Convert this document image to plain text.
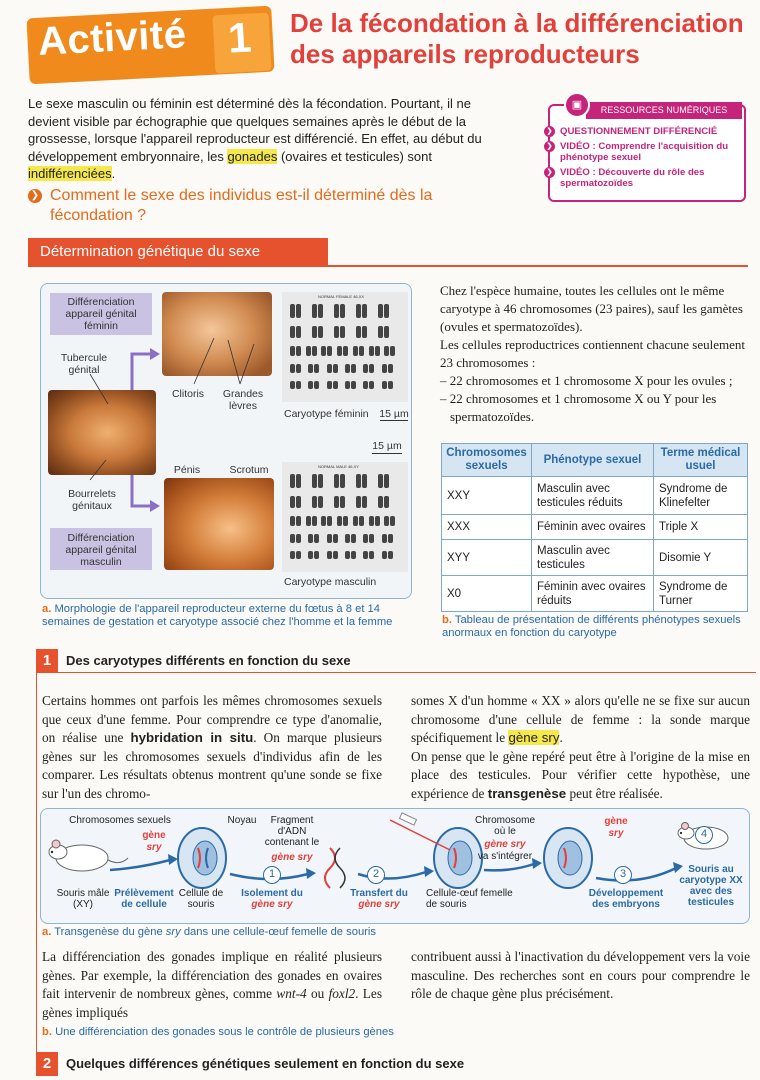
Activité 1 De la fécondation à la différenciation
des appareils reproducteurs
Le sexe masculin ou féminin est déterminé dès la fécondation. Pourtant, il ne devient visible par échographie que quelques semaines après le début de la grossesse, lorsque l'appareil reproducteur est différencié. En effet, au début du développement embryonnaire, les gonades (ovaires et testicules) sont indifférenciées.
❯ Comment le sexe des individus est-il déterminé dès la fécondation ?
RESSOURCES NUMÉRIQUES
▣
❯ QUESTIONNEMENT DIFFÉRENCIÉ
❯ VIDÉO : Comprendre l'acquisition du phénotype sexuel
❯ VIDÉO : Découverte du rôle des spermatozoïdes
Détermination génétique du sexe
Différenciation appareil génital féminin
Différenciation appareil génital masculin
Tubercule génital
Bourrelets génitaux
Clitoris	Grandes lèvres
Pénis	Scrotum
NORMAL FEMALE 46,XX
Caryotype féminin	15 µm
15 µm
NORMAL MALE 46,XY
Caryotype masculin
a. Morphologie de l'appareil reproducteur externe du fœtus à 8 et 14 semaines de gestation et caryotype associé chez l'homme et la femme
Chez l'espèce humaine, toutes les cellules ont le même caryotype à 46 chromosomes (23 paires), sauf les gamètes (ovules et spermatozoïdes).
Les cellules reproductrices contiennent chacune seulement 23 chromosomes :
– 22 chromosomes et 1 chromosome X pour les ovules ;
– 22 chromosomes et 1 chromosome X ou Y pour les spermatozoïdes.
Chromosomes sexuels	Phénotype sexuel	Terme médical usuel
XXY	Masculin avec testicules réduits	Syndrome de Klinefelter
XXX	Féminin avec ovaires	Triple X
XYY	Masculin avec testicules	Disomie Y
X0	Féminin avec ovaires réduits	Syndrome de Turner
b. Tableau de présentation de différents phénotypes sexuels anormaux en fonction du caryotype
1	Des caryotypes différents en fonction du sexe
Certains hommes ont parfois les mêmes chromosomes sexuels que ceux d'une femme. Pour comprendre ce type d'anomalie, on réalise une hybridation in situ. On marque plusieurs gènes sur les chromosomes sexuels d'individus afin de les comparer. Les résultats obtenus montrent qu'une sonde se fixe sur l'un des chromo-
somes X d'un homme « XX » alors qu'elle ne se fixe sur aucun chromosome d'une cellule de femme : la sonde marque spécifiquement le gène sry.
On pense que le gène repéré peut être à l'origine de la mise en place des testicules. Pour vérifier cette hypothèse, une expérience de transgenèse peut être réalisée.
1	2	3
4
Chromosomes sexuels	Noyau
gène
sry
Fragment d'ADN contenant le
gène sry
Chromosome où le
gène sry
va s'intégrer
gène
sry
Souris mâle (XY)
Prélèvement de cellule
Cellule de souris
Isolement du gène sry
Transfert du gène sry
Cellule-œuf femelle de souris
Développement des embryons
Souris au caryotype XX avec des testicules
a. Transgenèse du gène sry dans une cellule-œuf femelle de souris
La différenciation des gonades implique en réalité plusieurs gènes. Par exemple, la différenciation des gonades en ovaires fait intervenir de nombreux gènes, comme wnt-4 ou foxl2. Les gènes impliqués
contribuent aussi à l'inactivation du développement vers la voie masculine. Des recherches sont en cours pour comprendre le rôle de chaque gène plus précisément.
b. Une différenciation des gonades sous le contrôle de plusieurs gènes
2	Quelques différences génétiques seulement en fonction du sexe
